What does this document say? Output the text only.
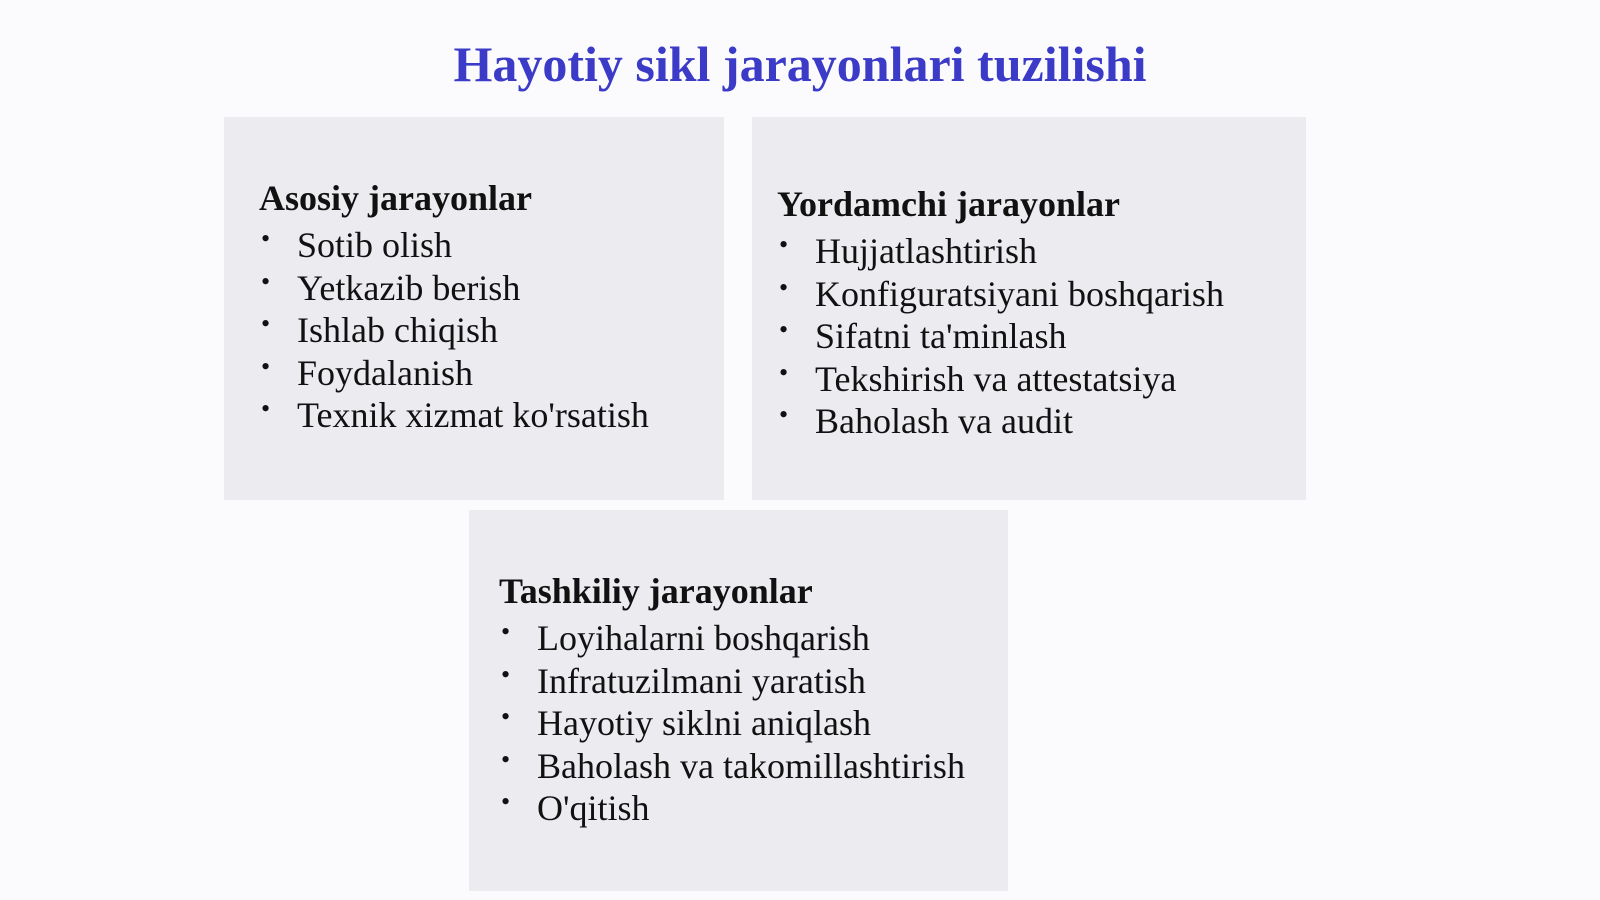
Hayotiy sikl jarayonlari tuzilishi
Asosiy jarayonlar
• Sotib olish
• Yetkazib berish
• Ishlab chiqish
• Foydalanish
• Texnik xizmat ko'rsatish
Yordamchi jarayonlar
• Hujjatlashtirish
• Konfiguratsiyani boshqarish
• Sifatni ta'minlash
• Tekshirish va attestatsiya
• Baholash va audit
Tashkiliy jarayonlar
• Loyihalarni boshqarish
• Infratuzilmani yaratish
• Hayotiy siklni aniqlash
• Baholash va takomillashtirish
• O'qitish
